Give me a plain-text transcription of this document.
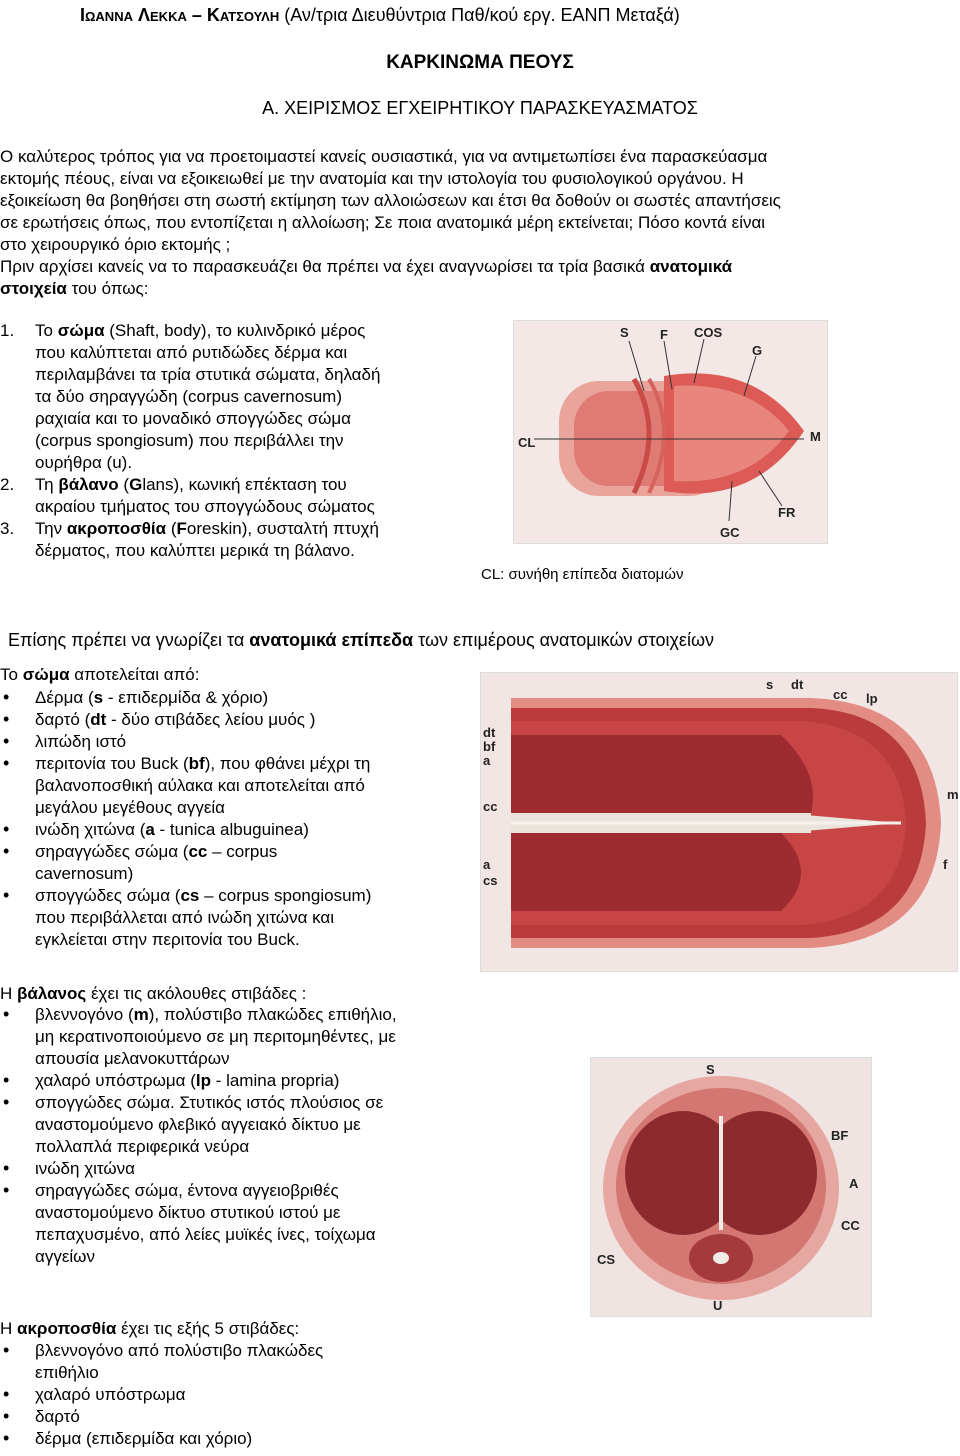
Ιωαννα Λεκκα – Κατσουλη (Αν/τρια Διευθύντρια Παθ/κού εργ. ΕΑΝΠ Μεταξά)
ΚΑΡΚΙΝΩΜΑ ΠΕΟΥΣ
Α. ΧΕΙΡΙΣΜΟΣ ΕΓΧΕΙΡΗΤΙΚΟΥ ΠΑΡΑΣΚΕΥΑΣΜΑΤΟΣ
Ο καλύτερος τρόπος για να προετοιμαστεί κανείς ουσιαστικά, για να αντιμετωπίσει ένα παρασκεύασμα
εκτομής πέους, είναι να εξοικειωθεί με την ανατομία και την ιστολογία του φυσιολογικού οργάνου. Η
εξοικείωση θα βοηθήσει στη σωστή εκτίμηση των αλλοιώσεων και έτσι θα δοθούν οι σωστές απαντήσεις
σε ερωτήσεις όπως, που εντοπίζεται η αλλοίωση; Σε ποια ανατομικά μέρη εκτείνεται; Πόσο κοντά είναι
στο χειρουργικό όριο εκτομής ;
Πριν αρχίσει κανείς να το παρασκευάζει θα πρέπει να έχει αναγνωρίσει τα τρία βασικά ανατομικά
στοιχεία του όπως:
1. Το σώμα (Shaft, body), το κυλινδρικό μέρος που καλύπτεται από ρυτιδώδες δέρμα και περιλαμβάνει τα τρία στυτικά σώματα, δηλαδή τα δύο σηραγγώδη (corpus cavernosum) ραχιαία και το μοναδικό σπογγώδες σώμα (corpus spongiosum) που περιβάλλει την ουρήθρα (u).
2. Τη βάλανο (Glans), κωνική επέκταση του ακραίου τμήματος του σπογγώδους σώματος
3. Την ακροποσθία (Foreskin), συσταλτή πτυχή δέρματος, που καλύπτει μερικά τη βάλανο.
S F COS
G
CL	M
FR
GC
CL: συνήθη επίπεδα διατομών
Επίσης πρέπει να γνωρίζει τα ανατομικά επίπεδα των επιμέρους ανατομικών στοιχείων
Το σώμα αποτελείται από:
• Δέρμα (s - επιδερμίδα & χόριο)
• δαρτό (dt - δύο στιβάδες λείου μυός )
• λιπώδη ιστό
• περιτονία του Buck (bf), που φθάνει μέχρι τη βαλανοποσθική αύλακα και αποτελείται από μεγάλου μεγέθους αγγεία
• ινώδη χιτώνα (a - tunica albuguinea)
• σηραγγώδες σώμα (cc – corpus cavernosum)
• σπογγώδες σώμα (cs – corpus spongiosum) που περιβάλλεται από ινώδη χιτώνα και εγκλείεται στην περιτονία του Buck.
s dt
cc lp
dt
bf
a
cc
a
cs
m
f
Η βάλανος έχει τις ακόλουθες στιβάδες :
• βλεννογόνο (m), πολύστιβο πλακώδες επιθήλιο, μη κερατινοποιούμενο σε μη περιτομηθέντες, με απουσία μελανοκυττάρων
• χαλαρό υπόστρωμα (lp - lamina propria)
• σπογγώδες σώμα. Στυτικός ιστός πλούσιος σε αναστομούμενο φλεβικό αγγειακό δίκτυο με πολλαπλά περιφερικά νεύρα
• ινώδη χιτώνα
• σηραγγώδες σώμα, έντονα αγγειοβριθές αναστομούμενο δίκτυο στυτικού ιστού με πεπαχυσμένο, από λείες μυϊκές ίνες, τοίχωμα αγγείων
S
BF
A
CC
CS
U
Η ακροποσθία έχει τις εξής 5 στιβάδες:
• βλεννογόνο από πολύστιβο πλακώδες επιθήλιο
• χαλαρό υπόστρωμα
• δαρτό
• δέρμα (επιδερμίδα και χόριο)
